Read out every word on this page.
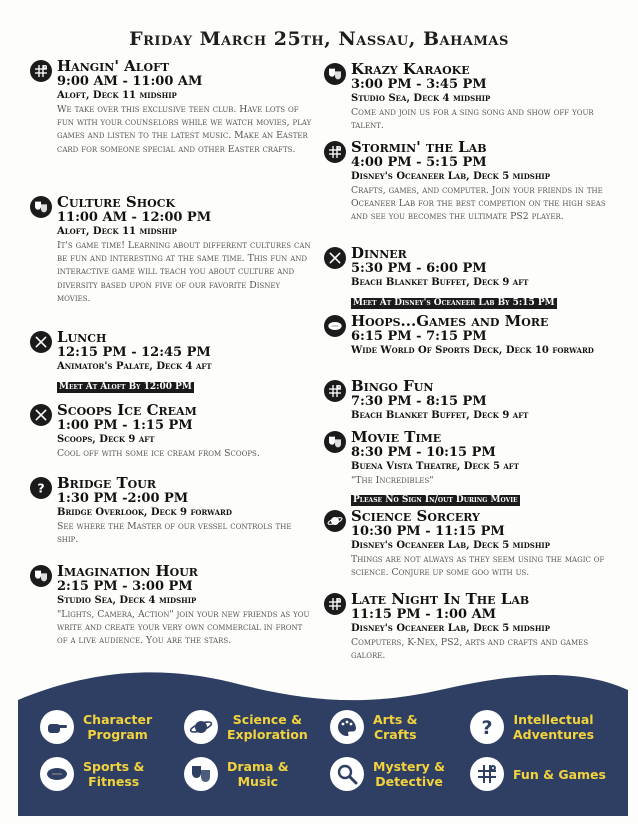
Friday March 25th, Nassau, Bahamas
Hangin' Aloft
9:00 AM - 11:00 AM
Aloft, Deck 11 midship
We take over this exclusive teen club. Have lots of fun with your counselors while we watch movies, play games and listen to the latest music. Make an Easter card for someone special and other Easter crafts.
Culture Shock
11:00 AM - 12:00 PM
Aloft, Deck 11 midship
It's game time! Learning about different cultures can be fun and interesting at the same time. This fun and interactive game will teach you about culture and diversity based upon five of our favorite Disney movies.
Lunch
12:15 PM - 12:45 PM
Animator's Palate, Deck 4 aft
Meet At Aloft By 12:00 PM
Scoops Ice Cream
1:00 PM - 1:15 PM
Scoops, Deck 9 aft
Cool off with some ice cream from Scoops.
? Bridge Tour
1:30 PM -2:00 PM
Bridge Overlook, Deck 9 forward
See where the Master of our vessel controls the ship.
Imagination Hour
2:15 PM - 3:00 PM
Studio Sea, Deck 4 midship
"Lights, Camera, Action" join your new friends as you write and create your very own commercial in front of a live audience. You are the stars.
Krazy Karaoke
3:00 PM - 3:45 PM
Studio Sea, Deck 4 midship
Come and join us for a sing song and show off your talent.
Stormin' the Lab
4:00 PM - 5:15 PM
Disney's Oceaneer Lab, Deck 5 midship
Crafts, games, and computer. Join your friends in the Oceaneer Lab for the best competion on the high seas and see you becomes the ultimate PS2 player.
Dinner
5:30 PM - 6:00 PM
Beach Blanket Buffet, Deck 9 aft
Meet At Disney's Oceaneer Lab By 5:15 PM
Hoops...Games and More
6:15 PM - 7:15 PM
Wide World Of Sports Deck, Deck 10 forward
Bingo Fun
7:30 PM - 8:15 PM
Beach Blanket Buffet, Deck 9 aft
Movie Time
8:30 PM - 10:15 PM
Buena Vista Theatre, Deck 5 aft
"The Incredibles"
Please No Sign In/out During Movie
Science Sorcery
10:30 PM - 11:15 PM
Disney's Oceaneer Lab, Deck 5 midship
Things are not always as they seem using the magic of science. Conjure up some goo with us.
Late Night In The Lab
11:15 PM - 1:00 AM
Disney's Oceaneer Lab, Deck 5 midship
Computers, K-Nex, PS2, arts and crafts and games galore.
Character
Program
Science &
Exploration
Arts &
Crafts	? Intellectual
Adventures
Sports &
Fitness
Drama &
Music
Mystery &
Detective	Fun & Games
